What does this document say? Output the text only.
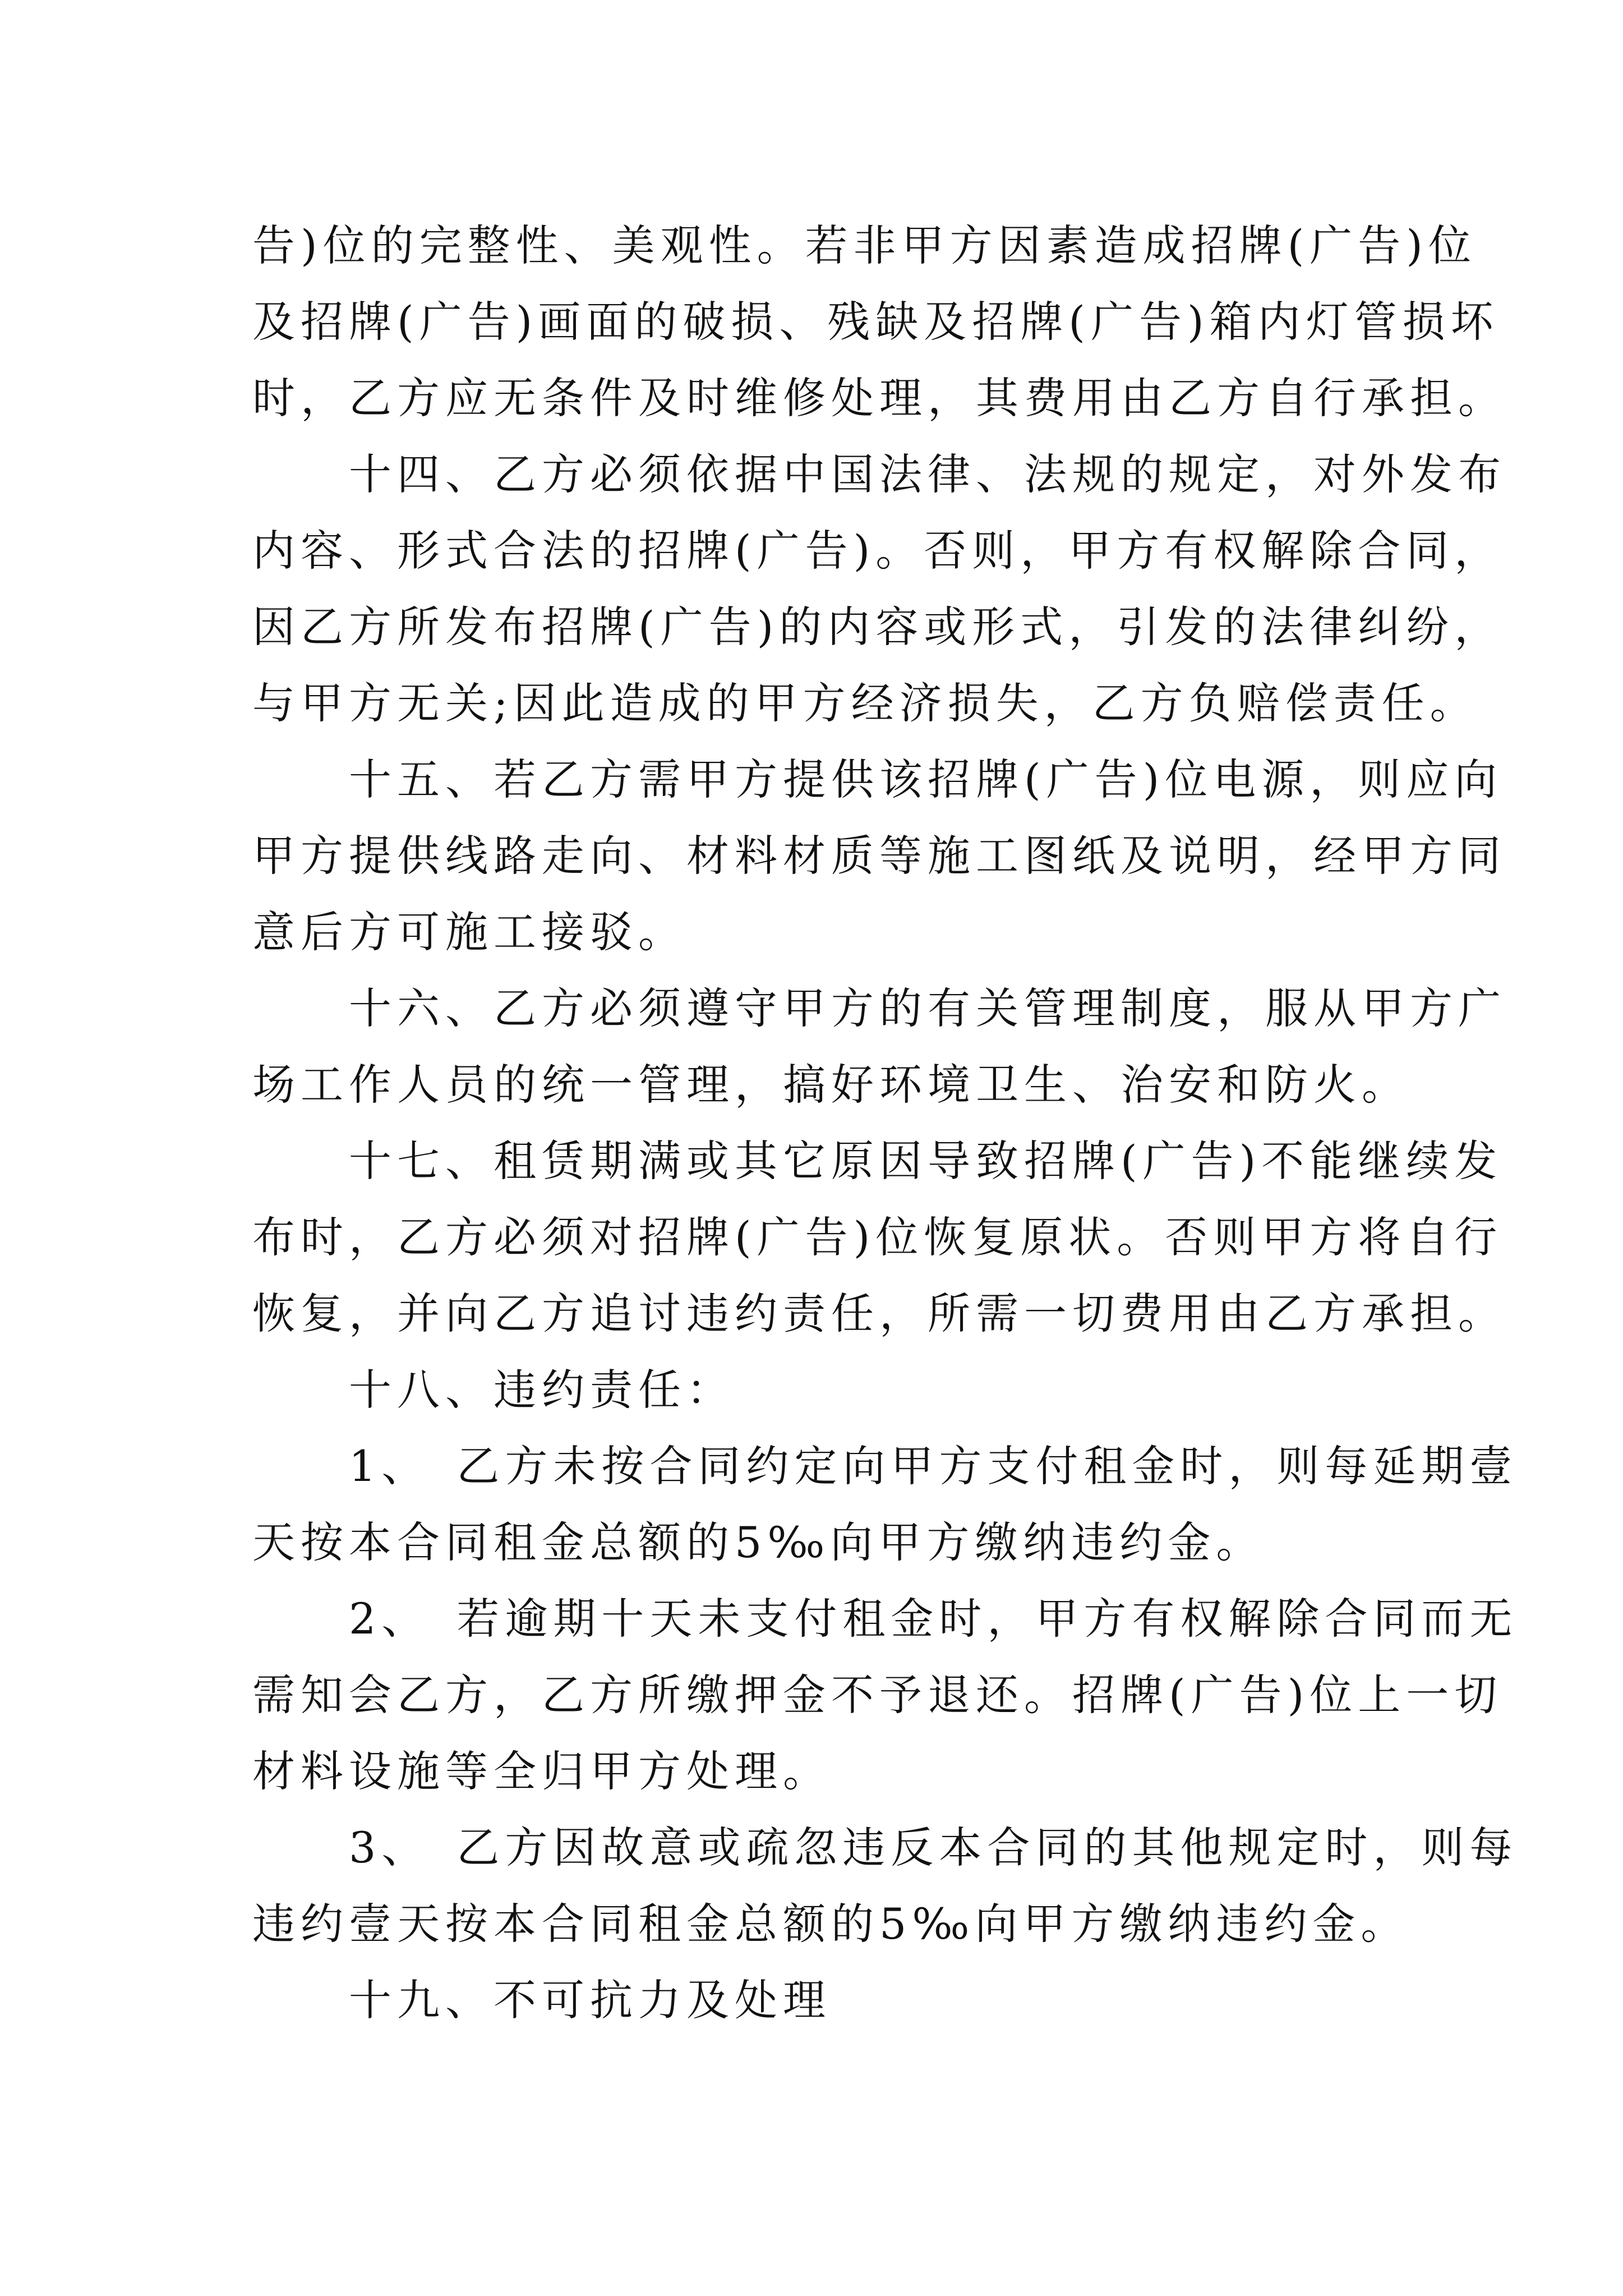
告)位的完整性、美观性。若非甲方因素造成招牌(广告)位
及招牌(广告)画面的破损、残缺及招牌(广告)箱内灯管损坏
时，乙方应无条件及时维修处理，其费用由乙方自行承担。
　　十四、乙方必须依据中国法律、法规的规定，对外发布
内容、形式合法的招牌(广告)。否则，甲方有权解除合同，
因乙方所发布招牌(广告)的内容或形式，引发的法律纠纷，
与甲方无关;因此造成的甲方经济损失，乙方负赔偿责任。
　　十五、若乙方需甲方提供该招牌(广告)位电源，则应向
甲方提供线路走向、材料材质等施工图纸及说明，经甲方同
意后方可施工接驳。
　　十六、乙方必须遵守甲方的有关管理制度，服从甲方广
场工作人员的统一管理，搞好环境卫生、治安和防火。
　　十七、租赁期满或其它原因导致招牌(广告)不能继续发
布时，乙方必须对招牌(广告)位恢复原状。否则甲方将自行
恢复，并向乙方追讨违约责任，所需一切费用由乙方承担。
　　十八、违约责任：
　　1、　乙方未按合同约定向甲方支付租金时，则每延期壹
天按本合同租金总额的5‰向甲方缴纳违约金。
　　2、　若逾期十天未支付租金时，甲方有权解除合同而无
需知会乙方，乙方所缴押金不予退还。招牌(广告)位上一切
材料设施等全归甲方处理。
　　3、　乙方因故意或疏忽违反本合同的其他规定时，则每
违约壹天按本合同租金总额的5‰向甲方缴纳违约金。
　　十九、不可抗力及处理
